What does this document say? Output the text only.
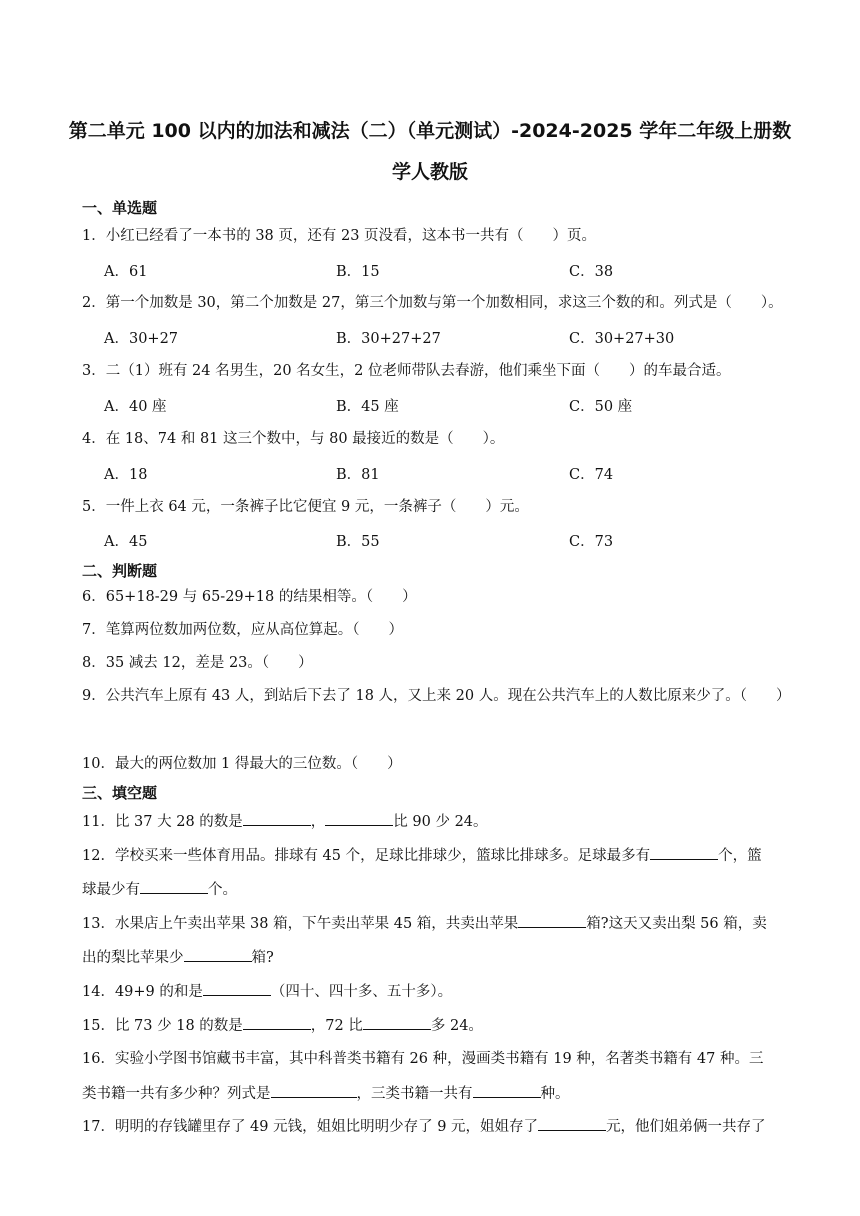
第二单元 100 以内的加法和减法（二）（单元测试）-2024-2025 学年二年级上册数
学人教版
一、单选题
1．小红已经看了一本书的 38 页，还有 23 页没看，这本书一共有（　　）页。
A．61	B．15	C．38
2．第一个加数是 30，第二个加数是 27，第三个加数与第一个加数相同，求这三个数的和。列式是（　　）。
A．30+27	B．30+27+27	C．30+27+30
3．二（1）班有 24 名男生，20 名女生，2 位老师带队去春游，他们乘坐下面（　　）的车最合适。
A．40 座	B．45 座	C．50 座
4．在 18、74 和 81 这三个数中，与 80 最接近的数是（　　）。
A．18	B．81	C．74
5．一件上衣 64 元，一条裤子比它便宜 9 元，一条裤子（　　）元。
A．45	B．55	C．73
二、判断题
6．65+18-29 与 65-29+18 的结果相等。（　　）
7．笔算两位数加两位数，应从高位算起。（　　）
8．35 减去 12，差是 23。（　　）
9．公共汽车上原有 43 人，到站后下去了 18 人，又上来 20 人。现在公共汽车上的人数比原来少了。（　　）
10．最大的两位数加 1 得最大的三位数。（　　）
三、填空题
11．比 37 大 28 的数是	，	比 90 少 24。
12．学校买来一些体育用品。排球有 45 个，足球比排球少，篮球比排球多。足球最多有	个，篮
球最少有	个。
13．水果店上午卖出苹果 38 箱，下午卖出苹果 45 箱，共卖出苹果	箱?这天又卖出梨 56 箱，卖
出的梨比苹果少	箱?
14．49+9 的和是	（四十、四十多、五十多）。
15．比 73 少 18 的数是	，72 比	多 24。
16．实验小学图书馆藏书丰富，其中科普类书籍有 26 种，漫画类书籍有 19 种，名著类书籍有 47 种。三
类书籍一共有多少种？列式是	，三类书籍一共有	种。
17．明明的存钱罐里存了 49 元钱，姐姐比明明少存了 9 元，姐姐存了	元，他们姐弟俩一共存了
